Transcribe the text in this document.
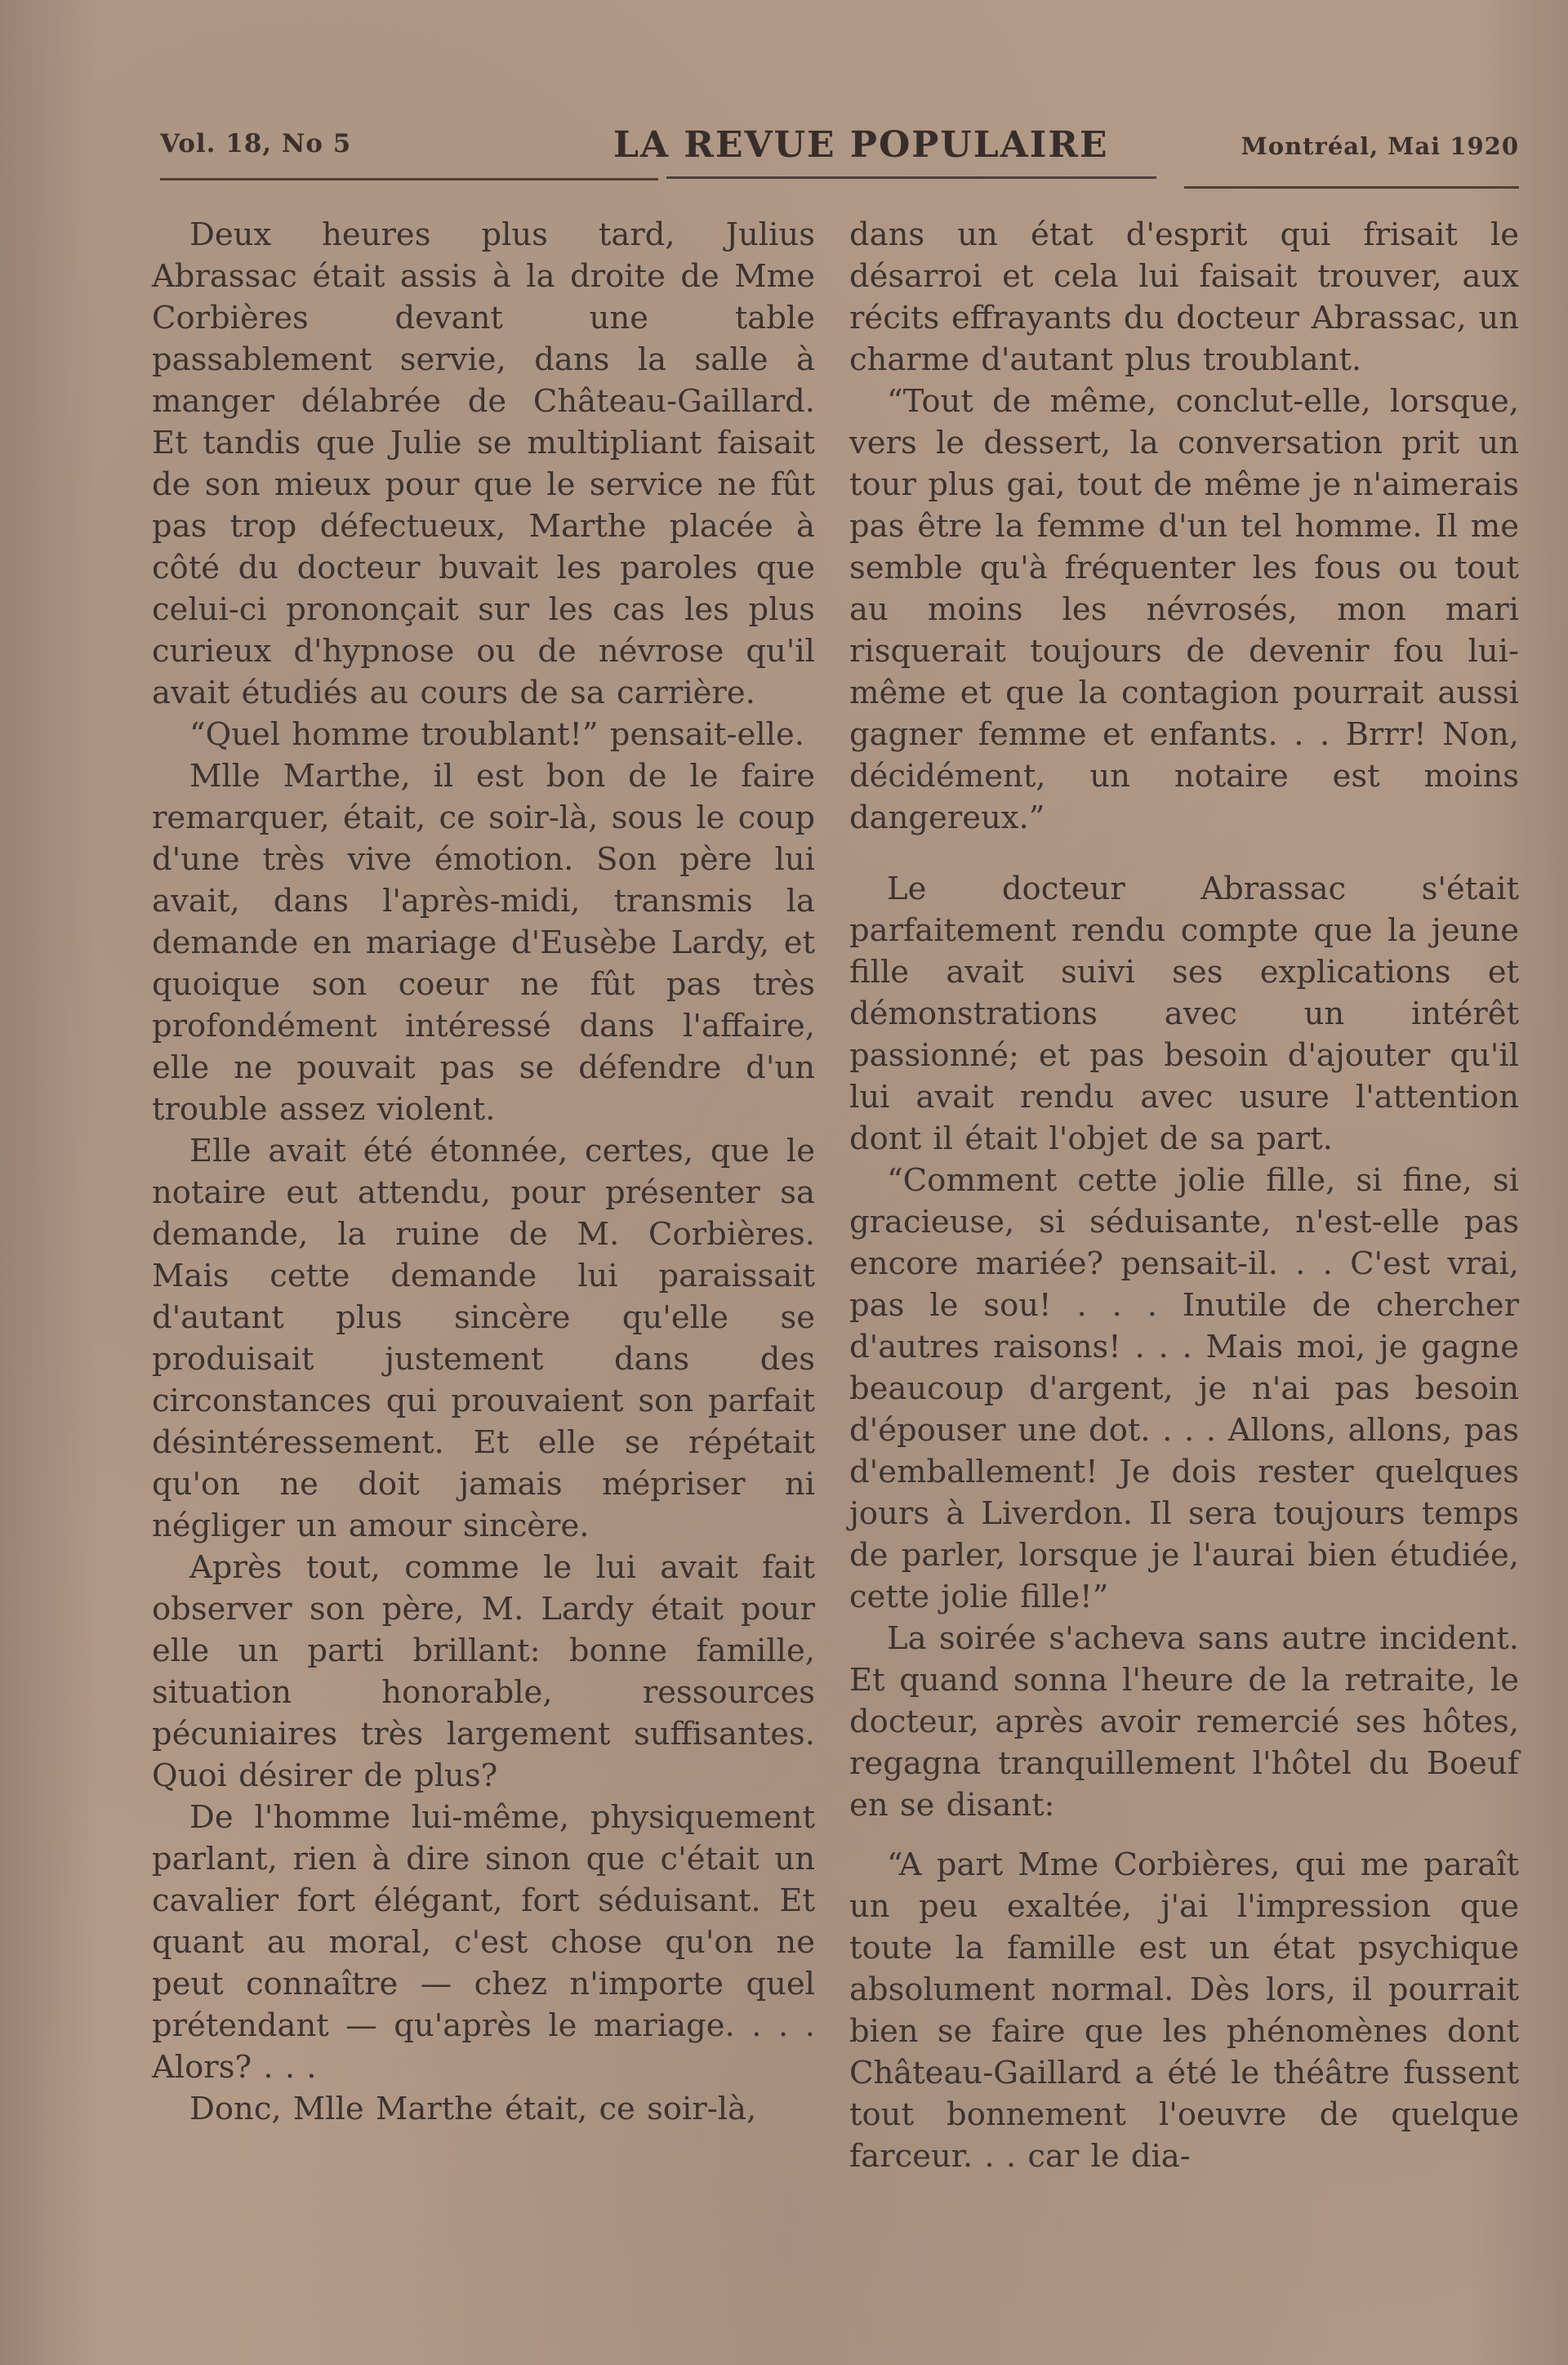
Vol. 18, No 5	LA REVUE POPULAIRE	Montréal, Mai 1920

Deux heures plus tard, Julius Abrassac était assis à la droite de Mme Corbières devant une table passablement servie, dans la salle à manger délabrée de Château-Gaillard. Et tandis que Julie se multipliant faisait de son mieux pour que le service ne fût pas trop défectueux, Marthe placée à côté du docteur buvait les paroles que celui-ci prononçait sur les cas les plus curieux d'hypnose ou de névrose qu'il avait étudiés au cours de sa carrière.

“Quel homme troublant!” pensait-elle.

Mlle Marthe, il est bon de le faire remarquer, était, ce soir-là, sous le coup d'une très vive émotion. Son père lui avait, dans l'après-midi, transmis la demande en mariage d'Eusèbe Lardy, et quoique son coeur ne fût pas très profondément intéressé dans l'affaire, elle ne pouvait pas se défendre d'un trouble assez violent.

Elle avait été étonnée, certes, que le notaire eut attendu, pour présenter sa demande, la ruine de M. Corbières. Mais cette demande lui paraissait d'autant plus sincère qu'elle se produisait justement dans des circonstances qui prouvaient son parfait désintéressement. Et elle se répétait qu'on ne doit jamais mépriser ni négliger un amour sincère.

Après tout, comme le lui avait fait observer son père, M. Lardy était pour elle un parti brillant: bonne famille, situation honorable, ressources pécuniaires très largement suffisantes. Quoi désirer de plus?

De l'homme lui-même, physiquement parlant, rien à dire sinon que c'était un cavalier fort élégant, fort séduisant. Et quant au moral, c'est chose qu'on ne peut connaître — chez n'importe quel prétendant — qu'après le mariage. . . . Alors? . . .

Donc, Mlle Marthe était, ce soir-là,

dans un état d'esprit qui frisait le désarroi et cela lui faisait trouver, aux récits effrayants du docteur Abrassac, un charme d'autant plus troublant.

“Tout de même, conclut-elle, lorsque, vers le dessert, la conversation prit un tour plus gai, tout de même je n'aimerais pas être la femme d'un tel homme. Il me semble qu'à fréquenter les fous ou tout au moins les névrosés, mon mari risquerait toujours de devenir fou lui-même et que la contagion pourrait aussi gagner femme et enfants. . . Brrr! Non, décidément, un notaire est moins dangereux.”

Le docteur Abrassac s'était parfaitement rendu compte que la jeune fille avait suivi ses explications et démonstrations avec un intérêt passionné; et pas besoin d'ajouter qu'il lui avait rendu avec usure l'attention dont il était l'objet de sa part.

“Comment cette jolie fille, si fine, si gracieuse, si séduisante, n'est-elle pas encore mariée? pensait-il. . . C'est vrai, pas le sou! . . . Inutile de chercher d'autres raisons! . . . Mais moi, je gagne beaucoup d'argent, je n'ai pas besoin d'épouser une dot. . . . Allons, allons, pas d'emballement! Je dois rester quelques jours à Liverdon. Il sera toujours temps de parler, lorsque je l'aurai bien étudiée, cette jolie fille!”

La soirée s'acheva sans autre incident. Et quand sonna l'heure de la retraite, le docteur, après avoir remercié ses hôtes, regagna tranquillement l'hôtel du Boeuf en se disant:

“A part Mme Corbières, qui me paraît un peu exaltée, j'ai l'impression que toute la famille est un état psychique absolument normal. Dès lors, il pourrait bien se faire que les phénomènes dont Château-Gaillard a été le théâtre fussent tout bonnement l'oeuvre de quelque farceur. . . car le dia-
